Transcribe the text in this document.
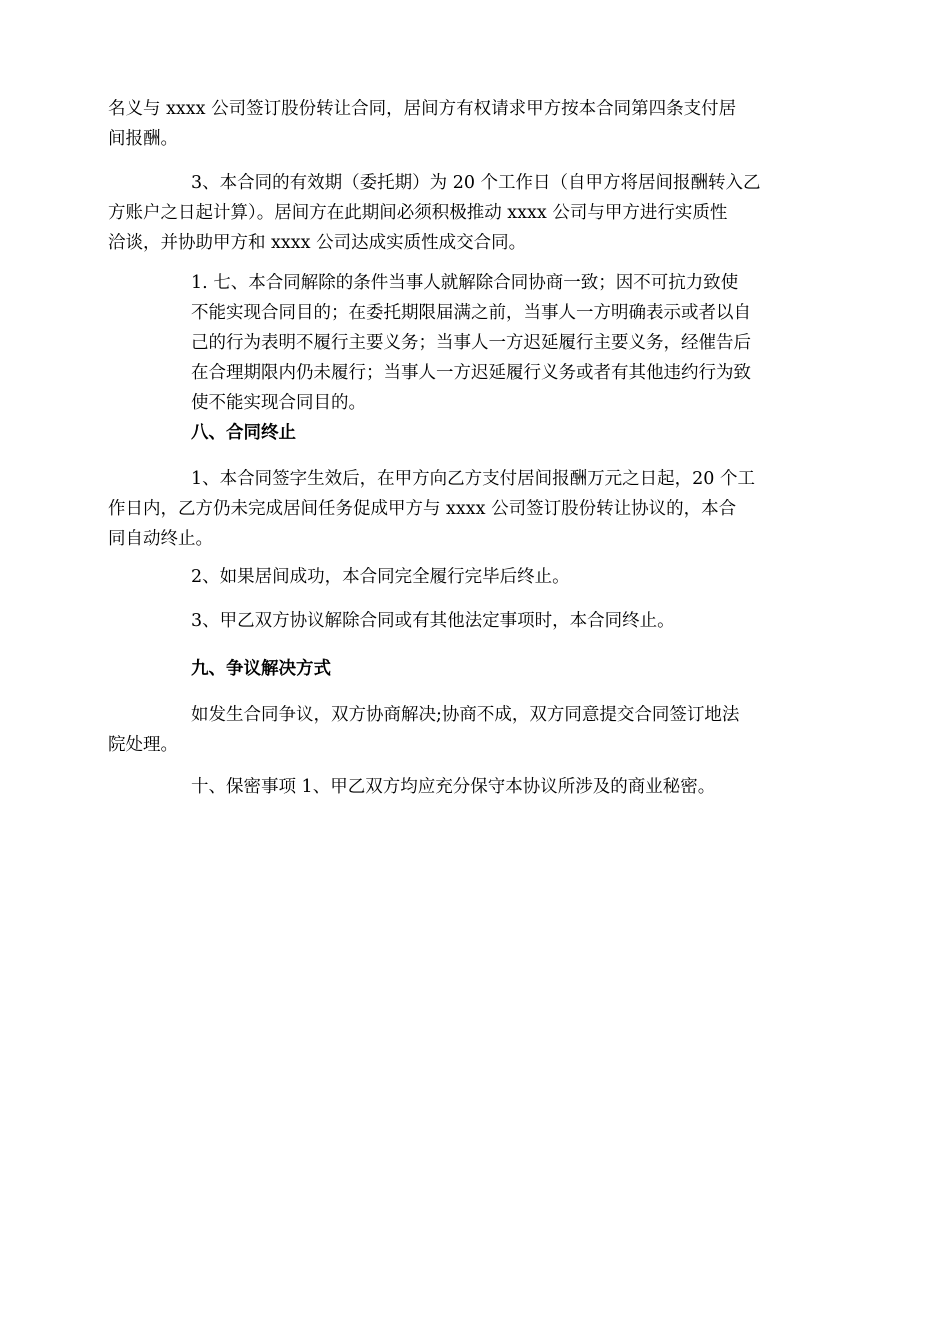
名义与 xxxx 公司签订股份转让合同，居间方有权请求甲方按本合同第四条支付居
间报酬。
3、本合同的有效期（委托期）为 20 个工作日（自甲方将居间报酬转入乙
方账户之日起计算）。居间方在此期间必须积极推动 xxxx 公司与甲方进行实质性
洽谈，并协助甲方和 xxxx 公司达成实质性成交合同。
1. 七、本合同解除的条件当事人就解除合同协商一致；因不可抗力致使
不能实现合同目的；在委托期限届满之前，当事人一方明确表示或者以自
己的行为表明不履行主要义务；当事人一方迟延履行主要义务，经催告后
在合理期限内仍未履行；当事人一方迟延履行义务或者有其他违约行为致
使不能实现合同目的。
八、合同终止
1、本合同签字生效后，在甲方向乙方支付居间报酬万元之日起，20 个工
作日内，乙方仍未完成居间任务促成甲方与 xxxx 公司签订股份转让协议的，本合
同自动终止。
2、如果居间成功，本合同完全履行完毕后终止。
3、甲乙双方协议解除合同或有其他法定事项时，本合同终止。
九、争议解决方式
如发生合同争议，双方协商解决;协商不成，双方同意提交合同签订地法
院处理。
十、保密事项 1、甲乙双方均应充分保守本协议所涉及的商业秘密。
